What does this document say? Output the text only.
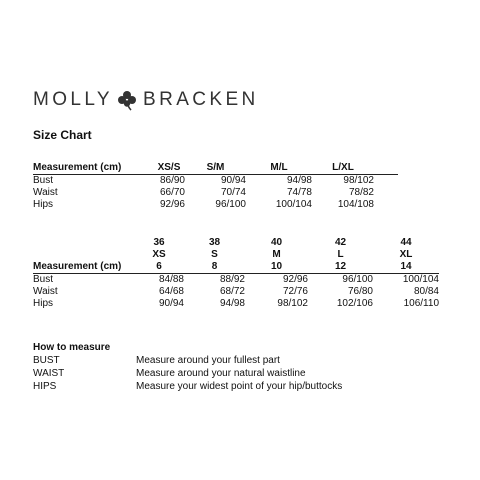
MOLLY BRACKEN
Size Chart
Measurement (cm)	XS/S	S/M	M/L	L/XL	
Bust	86/90	90/94	94/98	98/102	
Waist	66/70	70/74	74/78	78/82	
Hips	92/96	96/100	100/104	104/108	
	36	38	40	42	44
	XS	S	M	L	XL
Measurement (cm)	6	8	10	12	14
Bust	84/88	88/92	92/96	96/100	100/104
Waist	64/68	68/72	72/76	76/80	80/84
Hips	90/94	94/98	98/102	102/106	106/110
How to measure
BUST	Measure around your fullest part
WAIST	Measure around your natural waistline
HIPS	Measure your widest point of your hip/buttocks
